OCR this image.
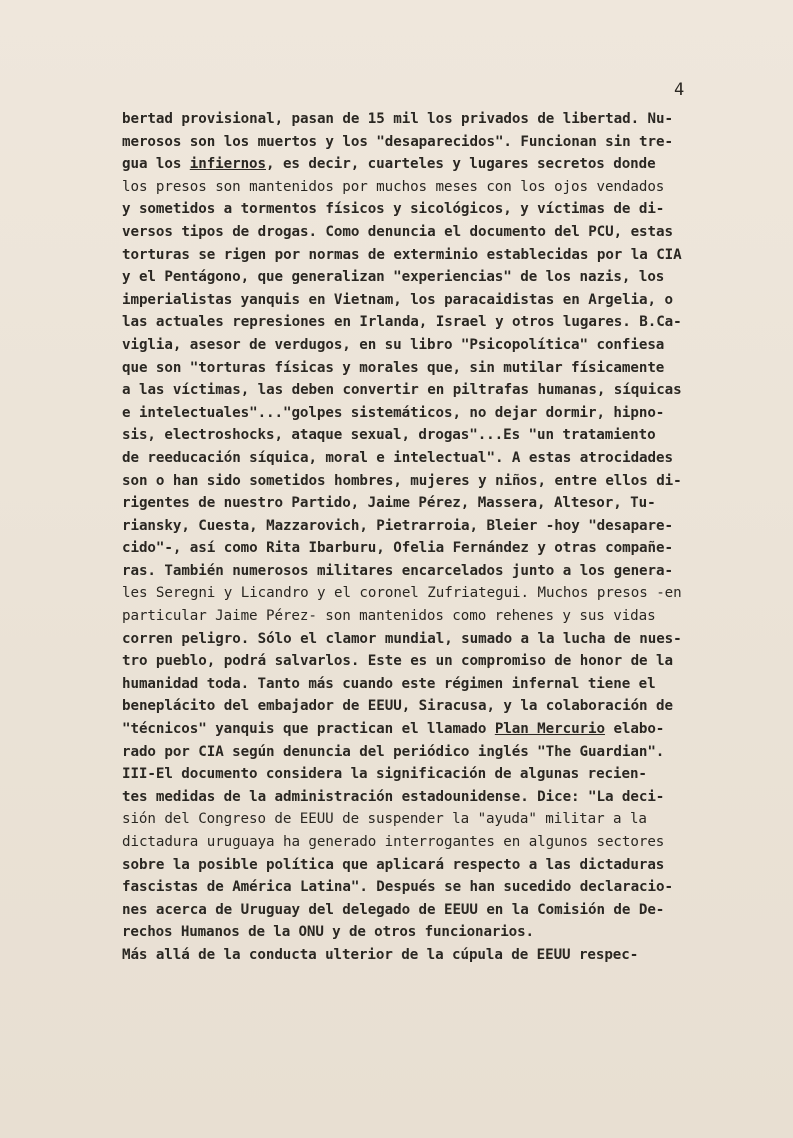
4
bertad provisional, pasan de 15 mil los privados de libertad. Nu-
merosos son los muertos y los "desaparecidos". Funcionan sin tre-
gua los infiernos, es decir, cuarteles y lugares secretos donde
los presos son mantenidos por muchos meses con los ojos vendados
y sometidos a tormentos físicos y sicológicos, y víctimas de di-
versos tipos de drogas. Como denuncia el documento del PCU, estas
torturas se rigen por normas de exterminio establecidas por la CIA
y el Pentágono, que generalizan "experiencias" de los nazis, los
imperialistas yanquis en Vietnam, los paracaidistas en Argelia, o
las actuales represiones en Irlanda, Israel y otros lugares. B.Ca-
viglia, asesor de verdugos, en su libro "Psicopolítica" confiesa
que son "torturas físicas y morales que, sin mutilar físicamente
a las víctimas, las deben convertir en piltrafas humanas, síquicas
e intelectuales"..."golpes sistemáticos, no dejar dormir, hipno-
sis, electroshocks, ataque sexual, drogas"...Es "un tratamiento
de reeducación síquica, moral e intelectual". A estas atrocidades
son o han sido sometidos hombres, mujeres y niños, entre ellos di-
rigentes de nuestro Partido, Jaime Pérez, Massera, Altesor, Tu-
riansky, Cuesta, Mazzarovich, Pietrarroia, Bleier -hoy "desapare-
cido"-, así como Rita Ibarburu, Ofelia Fernández y otras compañe-
ras. También numerosos militares encarcelados junto a los genera-
les Seregni y Licandro y el coronel Zufriategui. Muchos presos -en
particular Jaime Pérez- son mantenidos como rehenes y sus vidas
corren peligro. Sólo el clamor mundial, sumado a la lucha de nues-
tro pueblo, podrá salvarlos. Este es un compromiso de honor de la
humanidad toda. Tanto más cuando este régimen infernal tiene el
beneplácito del embajador de EEUU, Siracusa, y la colaboración de
"técnicos" yanquis que practican el llamado Plan Mercurio elabo-
rado por CIA según denuncia del periódico inglés "The Guardian".
III-El documento considera la significación de algunas recien-
tes medidas de la administración estadounidense. Dice: "La deci-
sión del Congreso de EEUU de suspender la "ayuda" militar a la
dictadura uruguaya ha generado interrogantes en algunos sectores
sobre la posible política que aplicará respecto a las dictaduras
fascistas de América Latina". Después se han sucedido declaracio-
nes acerca de Uruguay del delegado de EEUU en la Comisión de De-
rechos Humanos de la ONU y de otros funcionarios.
Más allá de la conducta ulterior de la cúpula de EEUU respec-
